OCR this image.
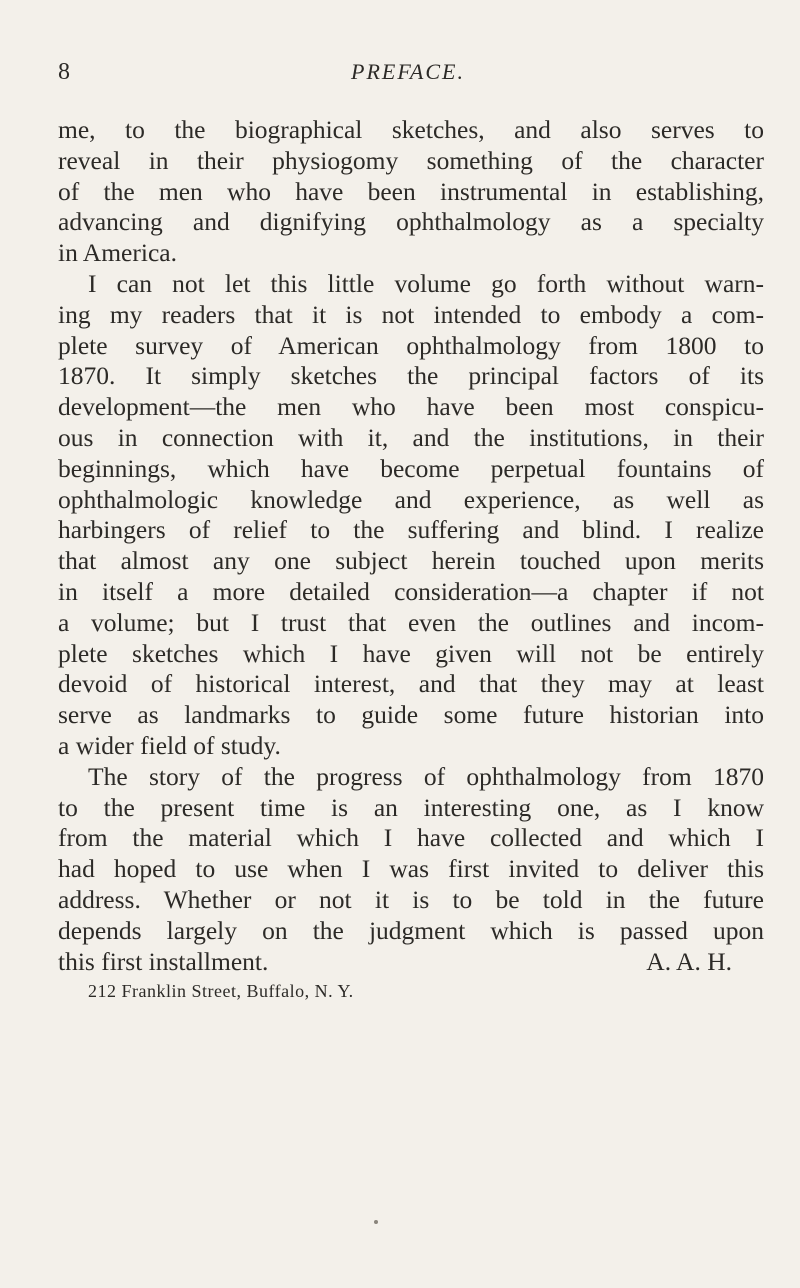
8	PREFACE.
me, to the biographical sketches, and also serves to
reveal in their physiogomy something of the character
of the men who have been instrumental in establishing,
advancing and dignifying ophthalmology as a specialty
in America.
I can not let this little volume go forth without warn-
ing my readers that it is not intended to embody a com-
plete survey of American ophthalmology from 1800 to
1870. It simply sketches the principal factors of its
development—the men who have been most conspicu-
ous in connection with it, and the institutions, in their
beginnings, which have become perpetual fountains of
ophthalmologic knowledge and experience, as well as
harbingers of relief to the suffering and blind. I realize
that almost any one subject herein touched upon merits
in itself a more detailed consideration—a chapter if not
a volume; but I trust that even the outlines and incom-
plete sketches which I have given will not be entirely
devoid of historical interest, and that they may at least
serve as landmarks to guide some future historian into
a wider field of study.
The story of the progress of ophthalmology from 1870
to the present time is an interesting one, as I know
from the material which I have collected and which I
had hoped to use when I was first invited to deliver this
address. Whether or not it is to be told in the future
depends largely on the judgment which is passed upon
this first installment.	A. A. H.
212 Franklin Street, Buffalo, N. Y.
